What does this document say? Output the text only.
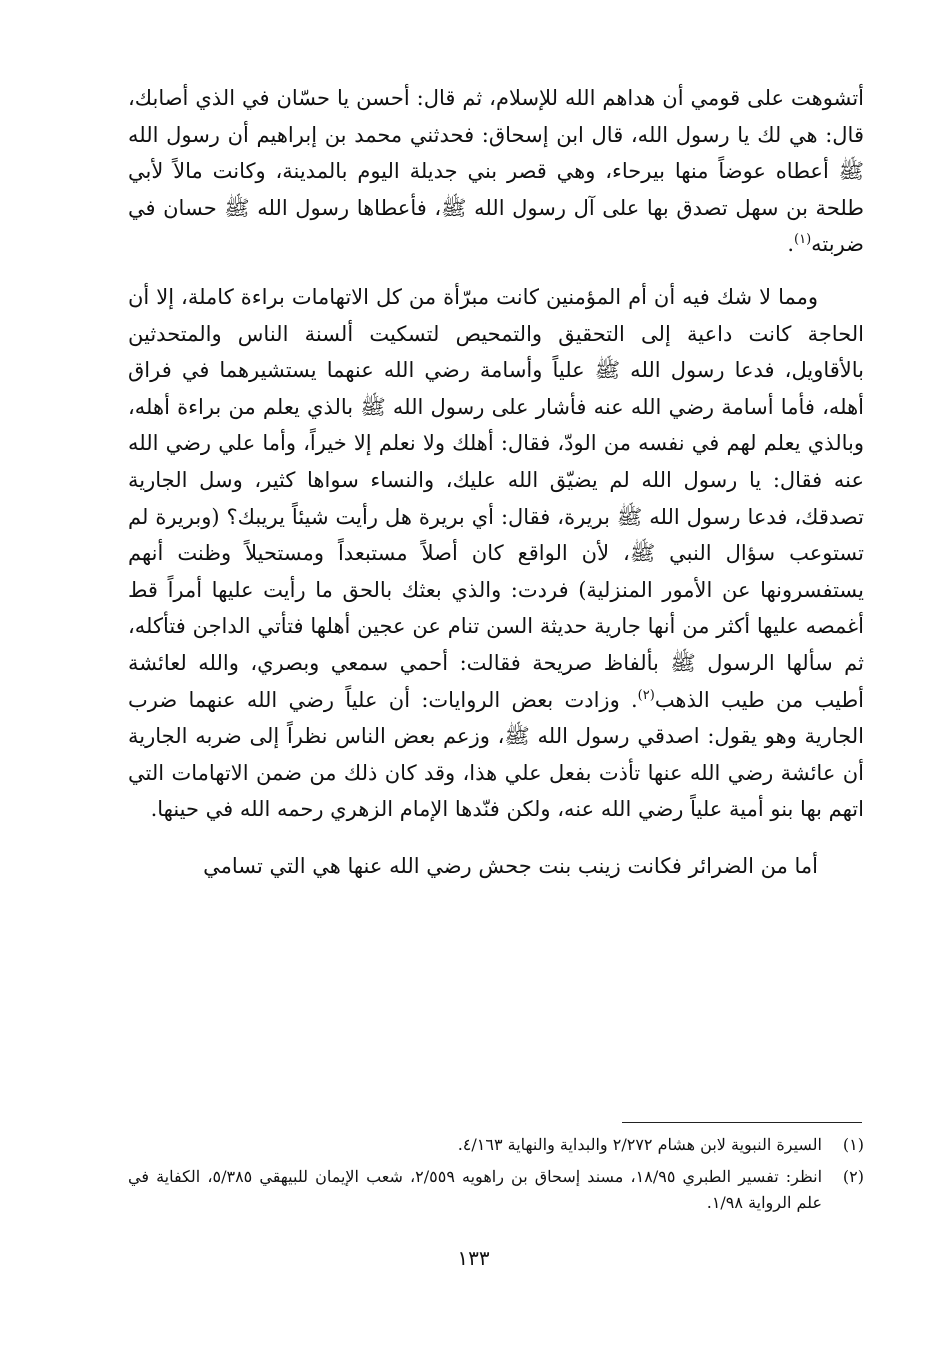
أتشوهت على قومي أن هداهم الله للإسلام، ثم قال: أحسن يا حسّان في الذي أصابك، قال: هي لك يا رسول الله، قال ابن إسحاق: فحدثني محمد بن إبراهيم أن رسول الله ﷺ أعطاه عوضاً منها بيرحاء، وهي قصر بني جديلة اليوم بالمدينة، وكانت مالاً لأبي طلحة بن سهل تصدق بها على آل رسول الله ﷺ، فأعطاها رسول الله ﷺ حسان في ضربته$^{(١)}$.

ومما لا شك فيه أن أم المؤمنين كانت مبرّأة من كل الاتهامات براءة كاملة، إلا أن الحاجة كانت داعية إلى التحقيق والتمحيص لتسكيت ألسنة الناس والمتحدثين بالأقاويل، فدعا رسول الله ﷺ علياً وأسامة رضي الله عنهما يستشيرهما في فراق أهله، فأما أسامة رضي الله عنه فأشار على رسول الله ﷺ بالذي يعلم من براءة أهله، وبالذي يعلم لهم في نفسه من الودّ، فقال: أهلك ولا نعلم إلا خيراً، وأما علي رضي الله عنه فقال: يا رسول الله لم يضيّق الله عليك، والنساء سواها كثير، وسل الجارية تصدقك، فدعا رسول الله ﷺ بريرة، فقال: أي بريرة هل رأيت شيئاً يريبك؟ (وبريرة لم تستوعب سؤال النبي ﷺ، لأن الواقع كان أصلاً مستبعداً ومستحيلاً وظنت أنهم يستفسرونها عن الأمور المنزلية) فردت: والذي بعثك بالحق ما رأيت عليها أمراً قط أغمصه عليها أكثر من أنها جارية حديثة السن تنام عن عجين أهلها فتأتي الداجن فتأكله، ثم سألها الرسول ﷺ بألفاظ صريحة فقالت: أحمي سمعي وبصري، والله لعائشة أطيب من طيب الذهب$^{(٢)}$. وزادت بعض الروايات: أن علياً رضي الله عنهما ضرب الجارية وهو يقول: اصدقي رسول الله ﷺ، وزعم بعض الناس نظراً إلى ضربه الجارية أن عائشة رضي الله عنها تأذت بفعل علي هذا، وقد كان ذلك من ضمن الاتهامات التي اتهم بها بنو أمية علياً رضي الله عنه، ولكن فنّدها الإمام الزهري رحمه الله في حينها.

أما من الضرائر فكانت زينب بنت جحش رضي الله عنها هي التي تسامي

(١)
السيرة النبوية لابن هشام ٢/٢٧٢ والبداية والنهاية ٤/١٦٣.
(٢)
انظر: تفسير الطبري ١٨/٩٥، مسند إسحاق بن راهويه ٢/٥٥٩، شعب الإيمان للبيهقي ٥/٣٨٥، الكفاية في علم الرواية ١/٩٨.
١٣٣
